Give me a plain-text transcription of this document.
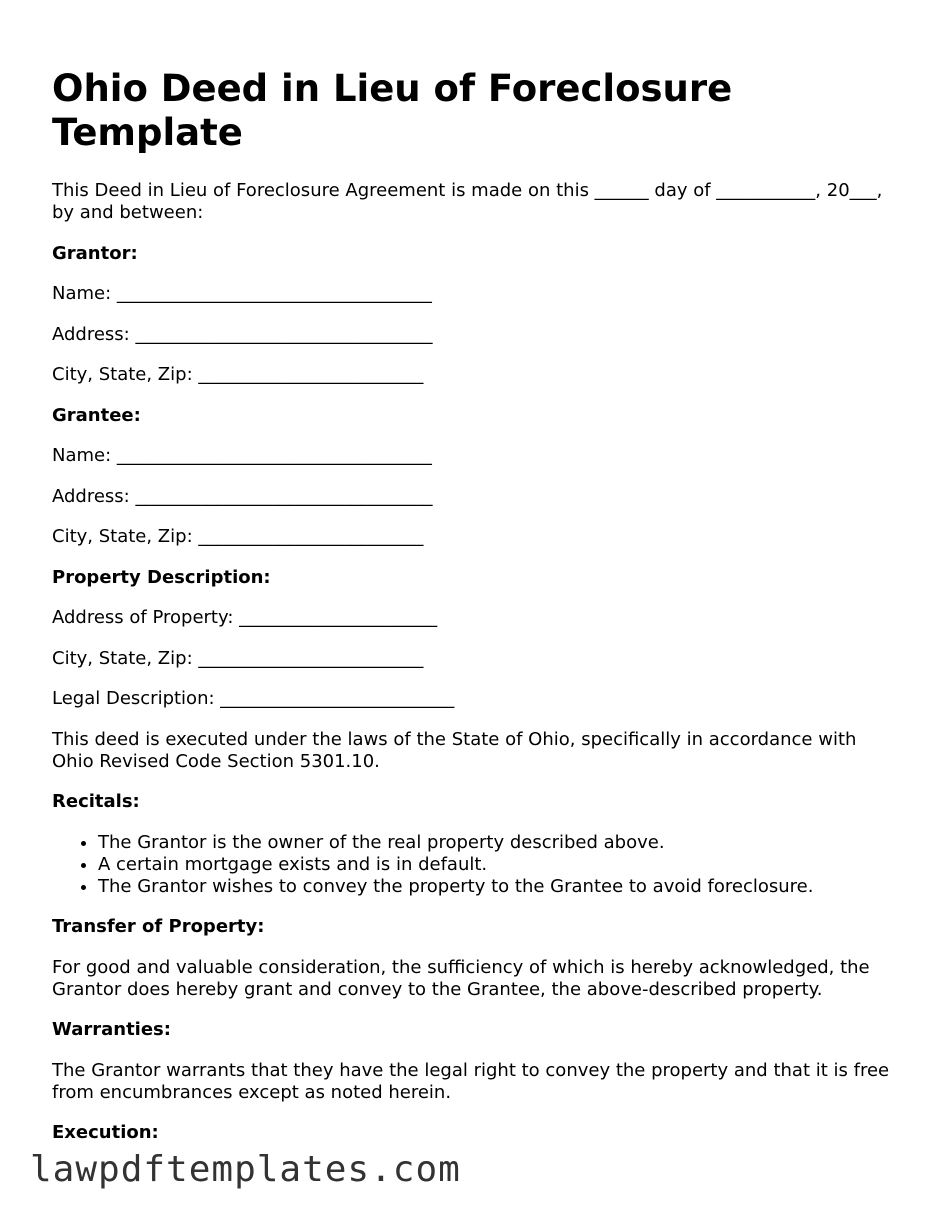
Ohio Deed in Lieu of Foreclosure Template

This Deed in Lieu of Foreclosure Agreement is made on this ______ day of ___________, 20___, by and between:

Grantor:

Name: ___________________________________

Address: _________________________________

City, State, Zip: _________________________

Grantee:

Name: ___________________________________

Address: _________________________________

City, State, Zip: _________________________

Property Description:

Address of Property: ______________________

City, State, Zip: _________________________

Legal Description: __________________________

This deed is executed under the laws of the State of Ohio, specifically in accordance with Ohio Revised Code Section 5301.10.

Recitals:

• The Grantor is the owner of the real property described above.
• A certain mortgage exists and is in default.
• The Grantor wishes to convey the property to the Grantee to avoid foreclosure.

Transfer of Property:

For good and valuable consideration, the sufficiency of which is hereby acknowledged, the Grantor does hereby grant and convey to the Grantee, the above-described property.

Warranties:

The Grantor warrants that they have the legal right to convey the property and that it is free from encumbrances except as noted herein.

Execution:

lawpdftemplates.com
